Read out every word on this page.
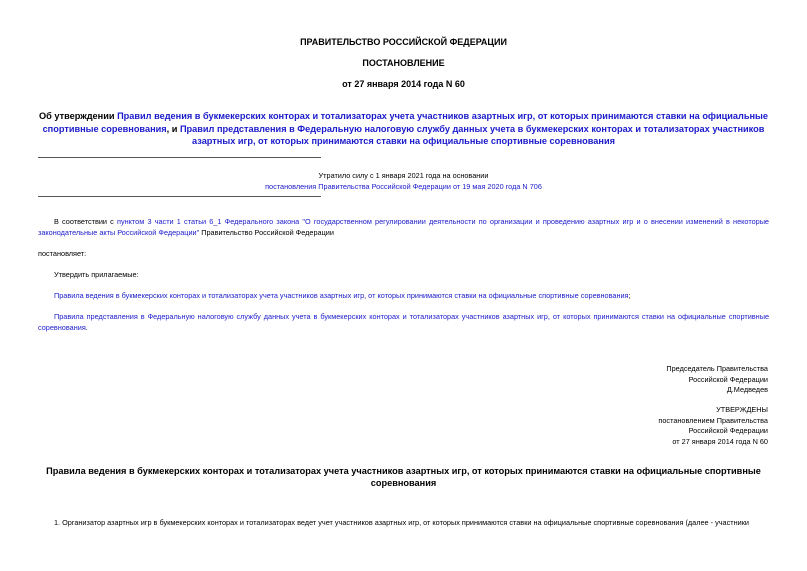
ПРАВИТЕЛЬСТВО РОССИЙСКОЙ ФЕДЕРАЦИИ
ПОСТАНОВЛЕНИЕ
от 27 января 2014 года N 60
Об утверждении Правил ведения в букмекерских конторах и тотализаторах учета участников азартных игр, от которых принимаются ставки на официальные спортивные соревнования, и Правил представления в Федеральную налоговую службу данных учета в букмекерских конторах и тотализаторах участников азартных игр, от которых принимаются ставки на официальные спортивные соревнования
Утратило силу с 1 января 2021 года на основании
постановления Правительства Российской Федерации от 19 мая 2020 года N 706
В соответствии с пунктом 3 части 1 статьи 6_1 Федерального закона "О государственном регулировании деятельности по организации и проведению азартных игр и о внесении изменений в некоторые законодательные акты Российской Федерации" Правительство Российской Федерации
постановляет:
Утвердить прилагаемые:
Правила ведения в букмекерских конторах и тотализаторах учета участников азартных игр, от которых принимаются ставки на официальные спортивные соревнования;
Правила представления в Федеральную налоговую службу данных учета в букмекерских конторах и тотализаторах участников азартных игр, от которых принимаются ставки на официальные спортивные соревнования.
Председатель Правительства
Российской Федерации
Д.Медведев
УТВЕРЖДЕНЫ
постановлением Правительства
Российской Федерации
от 27 января 2014 года N 60
Правила ведения в букмекерских конторах и тотализаторах учета участников азартных игр, от которых принимаются ставки на официальные спортивные соревнования
1. Организатор азартных игр в букмекерских конторах и тотализаторах ведет учет участников азартных игр, от которых принимаются ставки на официальные спортивные соревнования (далее - участники
